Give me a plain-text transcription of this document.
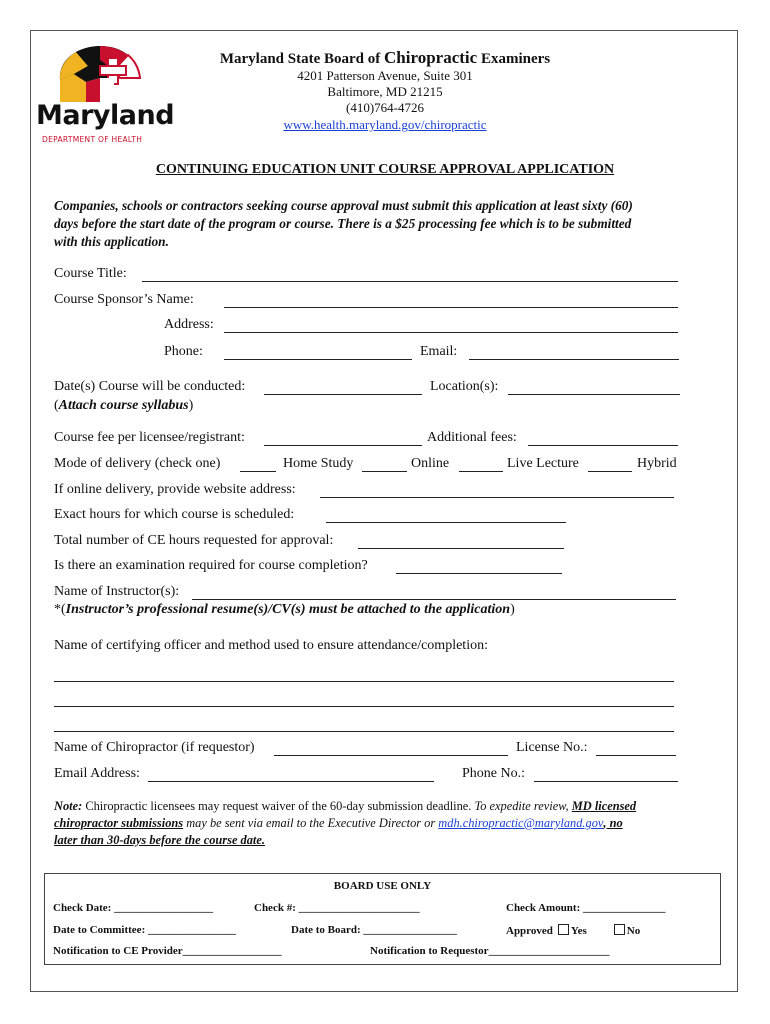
Maryland
DEPARTMENT OF HEALTH
Maryland State Board of Chiropractic Examiners
4201 Patterson Avenue, Suite 301
Baltimore, MD 21215
(410)764-4726
www.health.maryland.gov/chiropractic
CONTINUING EDUCATION UNIT COURSE APPROVAL APPLICATION
Companies, schools or contractors seeking course approval must submit this application at least sixty (60)
days before the start date of the program or course. There is a $25 processing fee which is to be submitted
with this application.
Course Title:
Course Sponsor’s Name:
Address:
Phone:	Email:
Date(s) Course will be conducted:	Location(s):
(Attach course syllabus)
Course fee per licensee/registrant:	Additional fees:
Mode of delivery (check one)	Home Study	Online	Live Lecture	Hybrid
If online delivery, provide website address:
Exact hours for which course is scheduled:
Total number of CE hours requested for approval:
Is there an examination required for course completion?
Name of Instructor(s):
*(Instructor’s professional resume(s)/CV(s) must be attached to the application)
Name of certifying officer and method used to ensure attendance/completion:
Name of Chiropractor (if requestor)	License No.:
Email Address:	Phone No.:
Note: Chiropractic licensees may request waiver of the 60-day submission deadline. To expedite review, MD licensed
chiropractor submissions may be sent via email to the Executive Director or mdh.chiropractic@maryland.gov, no
later than 30-days before the course date.
BOARD USE ONLY
Check Date: __________________	Check #: ______________________	Check Amount: _______________
Date to Committee: ________________	Date to Board: _________________	Approved Yes	No
Notification to CE Provider__________________	Notification to Requestor______________________
